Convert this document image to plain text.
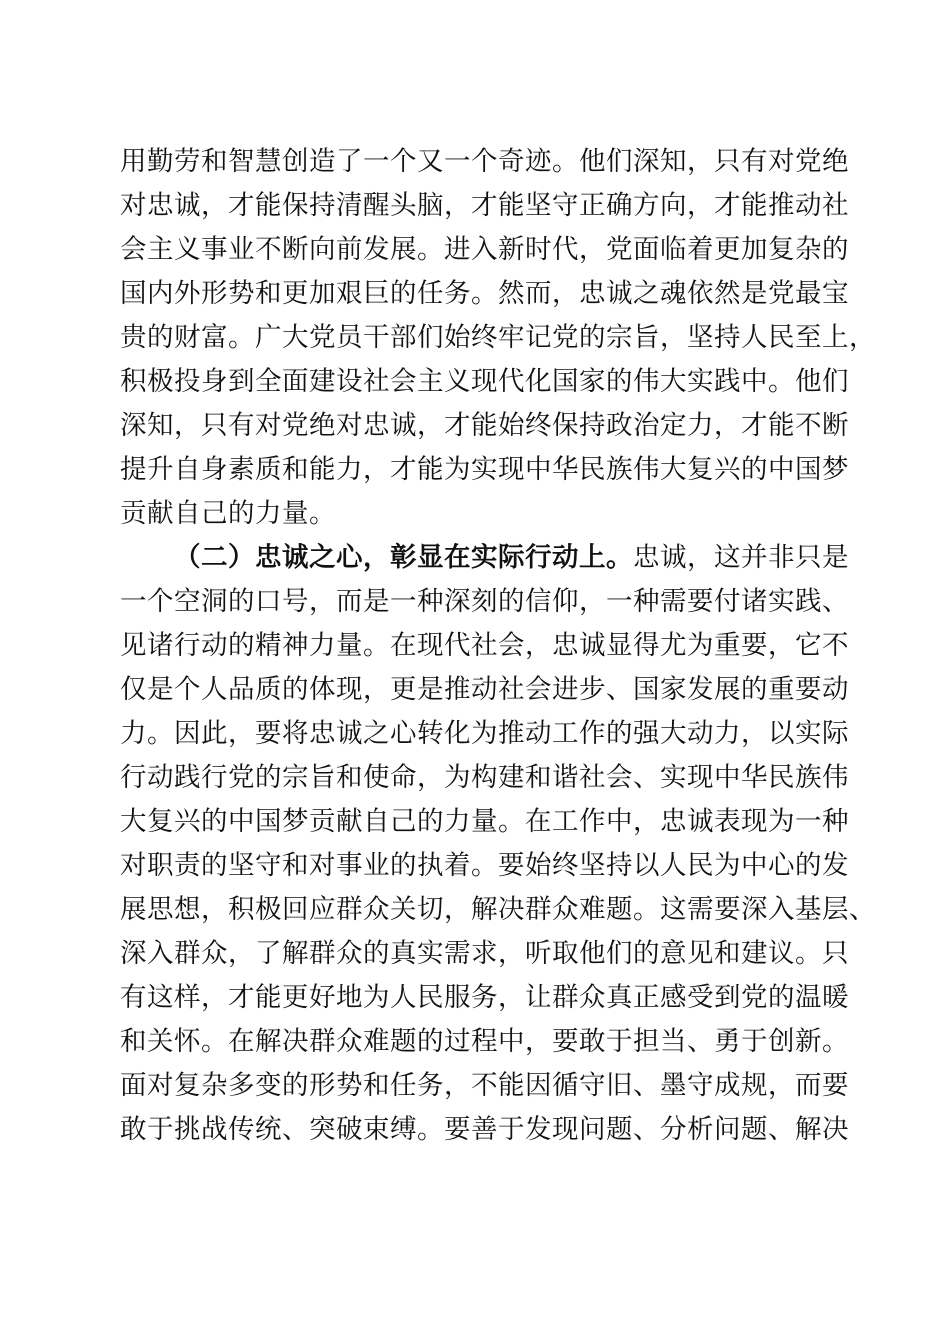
用勤劳和智慧创造了一个又一个奇迹。他们深知，只有对党绝
对忠诚，才能保持清醒头脑，才能坚守正确方向，才能推动社
会主义事业不断向前发展。进入新时代，党面临着更加复杂的
国内外形势和更加艰巨的任务。然而，忠诚之魂依然是党最宝
贵的财富。广大党员干部们始终牢记党的宗旨，坚持人民至上，
积极投身到全面建设社会主义现代化国家的伟大实践中。他们
深知，只有对党绝对忠诚，才能始终保持政治定力，才能不断
提升自身素质和能力，才能为实现中华民族伟大复兴的中国梦
贡献自己的力量。
（二）忠诚之心，彰显在实际行动上。忠诚，这并非只是
一个空洞的口号，而是一种深刻的信仰，一种需要付诸实践、
见诸行动的精神力量。在现代社会，忠诚显得尤为重要，它不
仅是个人品质的体现，更是推动社会进步、国家发展的重要动
力。因此，要将忠诚之心转化为推动工作的强大动力，以实际
行动践行党的宗旨和使命，为构建和谐社会、实现中华民族伟
大复兴的中国梦贡献自己的力量。在工作中，忠诚表现为一种
对职责的坚守和对事业的执着。要始终坚持以人民为中心的发
展思想，积极回应群众关切，解决群众难题。这需要深入基层、
深入群众，了解群众的真实需求，听取他们的意见和建议。只
有这样，才能更好地为人民服务，让群众真正感受到党的温暖
和关怀。在解决群众难题的过程中，要敢于担当、勇于创新。
面对复杂多变的形势和任务，不能因循守旧、墨守成规，而要
敢于挑战传统、突破束缚。要善于发现问题、分析问题、解决
